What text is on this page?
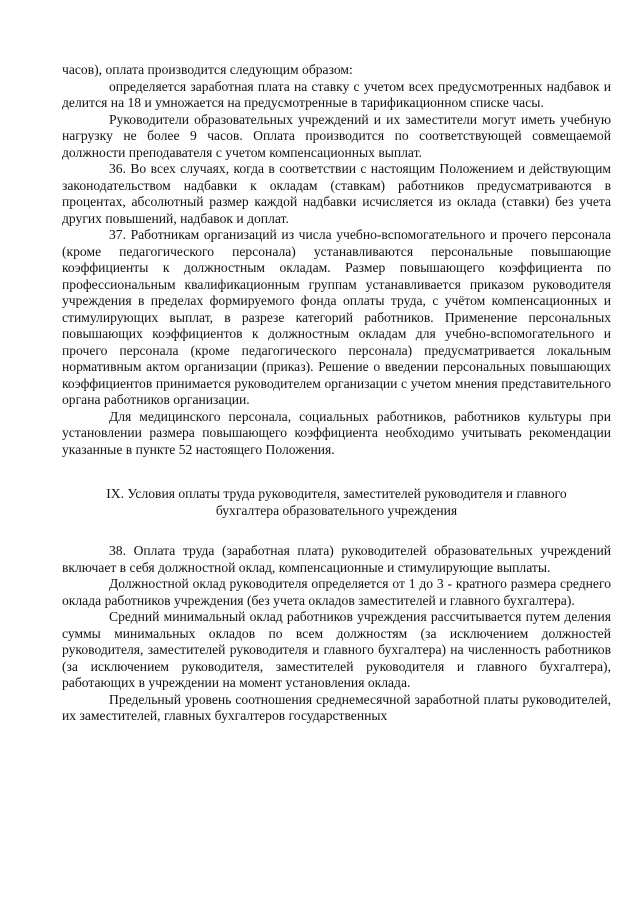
часов), оплата производится следующим образом:

определяется заработная плата на ставку с учетом всех предусмотренных надбавок и делится на 18 и умножается на предусмотренные в тарификационном списке часы.

Руководители образовательных учреждений и их заместители могут иметь учебную нагрузку не более 9 часов. Оплата производится по соответствующей совмещаемой должности преподавателя с учетом компенсационных выплат.

36. Во всех случаях, когда в соответствии с настоящим Положением и действующим законодательством надбавки к окладам (ставкам) работников предусматриваются в процентах, абсолютный размер каждой надбавки исчисляется из оклада (ставки) без учета других повышений, надбавок и доплат.

37. Работникам организаций из числа учебно-вспомогательного и прочего персонала (кроме педагогического персонала) устанавливаются персональные повышающие коэффициенты к должностным окладам. Размер повышающего коэффициента по профессиональным квалификационным группам устанавливается приказом руководителя учреждения в пределах формируемого фонда оплаты труда, с учётом компенсационных и стимулирующих выплат, в разрезе категорий работников. Применение персональных повышающих коэффициентов к должностным окладам для учебно-вспомогательного и прочего персонала (кроме педагогического персонала) предусматривается локальным нормативным актом организации (приказ). Решение о введении персональных повышающих коэффициентов принимается руководителем организации с учетом мнения представительного органа работников организации.

Для медицинского персонала, социальных работников, работников культуры при установлении размера повышающего коэффициента необходимо учитывать рекомендации указанные в пункте 52 настоящего Положения.

IX. Условия оплаты труда руководителя, заместителей руководителя и главного
бухгалтера образовательного учреждения

38. Оплата труда (заработная плата) руководителей образовательных учреждений включает в себя должностной оклад, компенсационные и стимулирующие выплаты.

Должностной оклад руководителя определяется от 1 до 3 - кратного размера среднего оклада работников учреждения (без учета окладов заместителей и главного бухгалтера).

Средний минимальный оклад работников учреждения рассчитывается путем деления суммы минимальных окладов по всем должностям (за исключением должностей руководителя, заместителей руководителя и главного бухгалтера) на численность работников (за исключением руководителя, заместителей руководителя и главного бухгалтера), работающих в учреждении на момент установления оклада.

Предельный уровень соотношения среднемесячной заработной платы руководителей, их заместителей, главных бухгалтеров государственных
